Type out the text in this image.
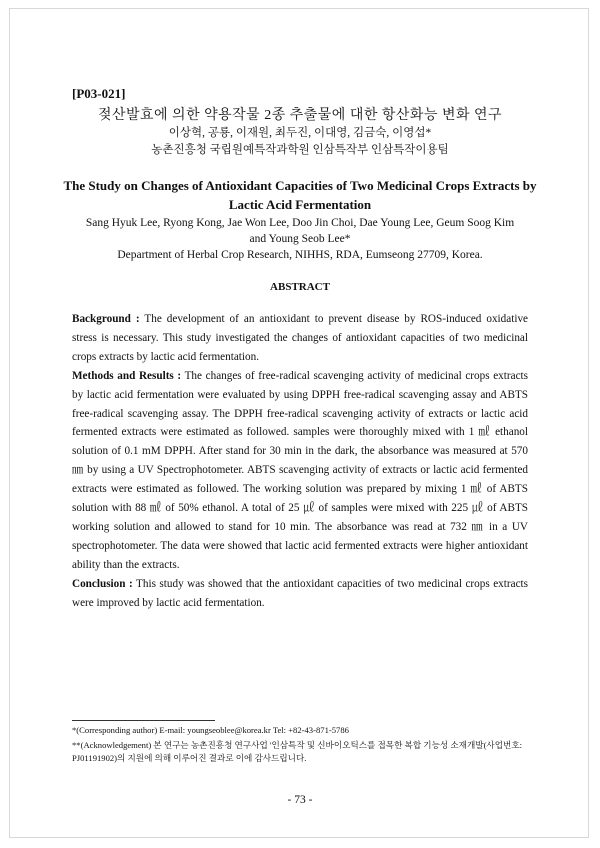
[P03-021]
젖산발효에 의한 약용작물 2종 추출물에 대한 항산화능 변화 연구
이상혁, 공룡, 이재원, 최두진, 이대영, 김금숙, 이영섭*
농촌진흥청 국립원예특작과학원 인삼특작부 인삼특작이용팀
The Study on Changes of Antioxidant Capacities of Two Medicinal Crops Extracts by Lactic Acid Fermentation
Sang Hyuk Lee, Ryong Kong, Jae Won Lee, Doo Jin Choi, Dae Young Lee, Geum Soog Kim and Young Seob Lee*
Department of Herbal Crop Research, NIHHS, RDA, Eumseong 27709, Korea.
ABSTRACT

Background : The development of an antioxidant to prevent disease by ROS-induced oxidative stress is necessary. This study investigated the changes of antioxidant capacities of two medicinal crops extracts by lactic acid fermentation.

Methods and Results : The changes of free-radical scavenging activity of medicinal crops extracts by lactic acid fermentation were evaluated by using DPPH free-radical scavenging assay and ABTS free-radical scavenging assay. The DPPH free-radical scavenging activity of extracts or lactic acid fermented extracts were estimated as followed. samples were thoroughly mixed with 1 ㎖ ethanol solution of 0.1 mM DPPH. After stand for 30 min in the dark, the absorbance was measured at 570 ㎚ by using a UV Spectrophotometer. ABTS scavenging activity of extracts or lactic acid fermented extracts were estimated as followed. The working solution was prepared by mixing 1 ㎖ of ABTS solution with 88 ㎖ of 50% ethanol. A total of 25 ㎕ of samples were mixed with 225 ㎕ of ABTS working solution and allowed to stand for 10 min. The absorbance was read at 732 ㎚ in a UV spectrophotometer. The data were showed that lactic acid fermented extracts were higher antioxidant ability than the extracts.

Conclusion : This study was showed that the antioxidant capacities of two medicinal crops extracts were improved by lactic acid fermentation.

*(Corresponding author) E-mail: youngseoblee@korea.kr Tel: +82-43-871-5786
**(Acknowledgement) 본 연구는 농촌진흥청 연구사업 '인삼특작 및 신바이오틱스를 접목한 복합 기능성 소재개발(사업번호: PJ01191902)의 지원에 의해 이루어진 결과로 이에 감사드립니다.
- 73 -
